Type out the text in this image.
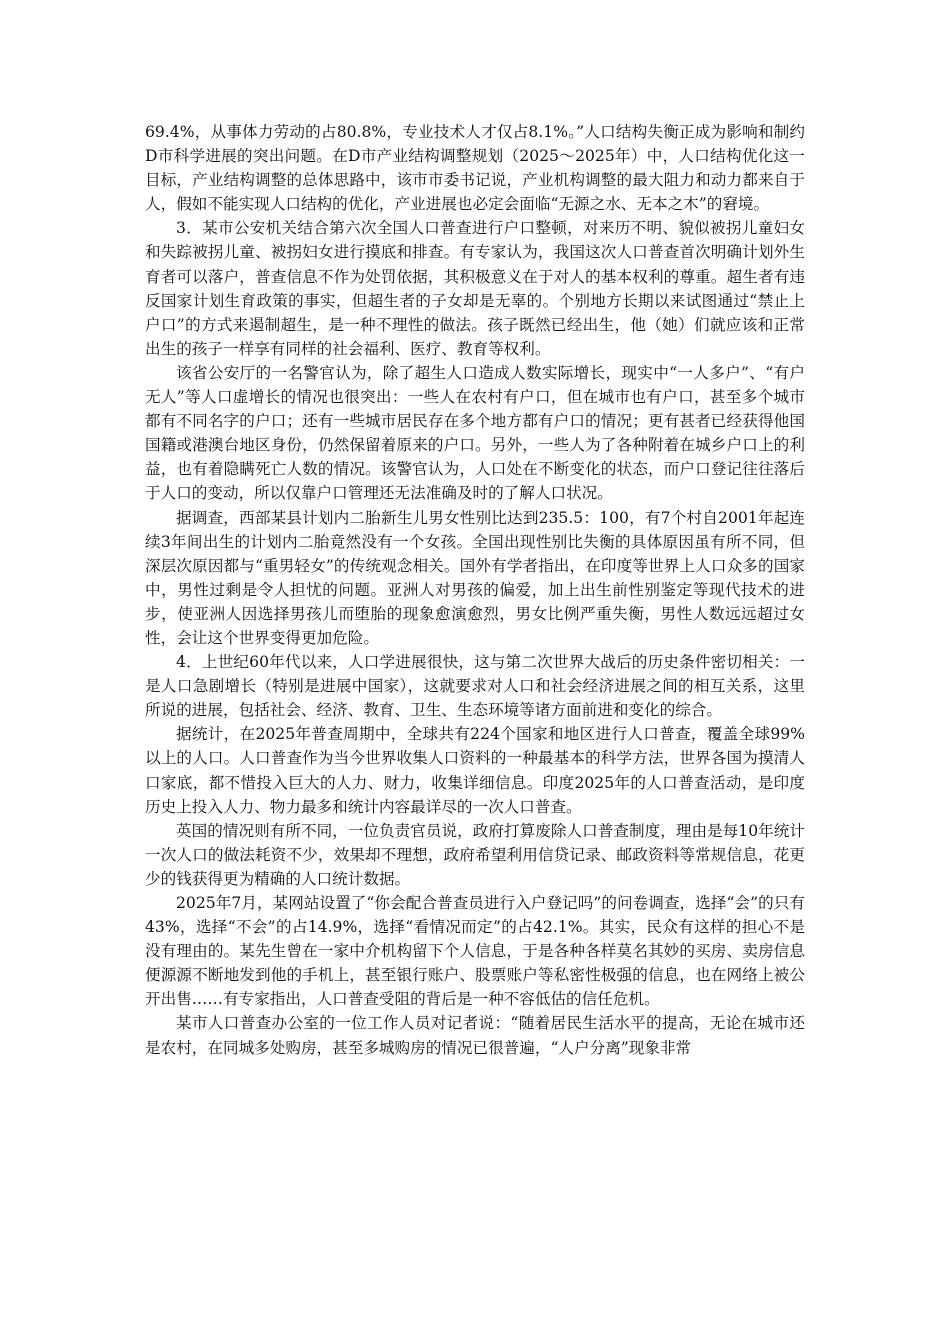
69.4%，从事体力劳动的占80.8%，专业技术人才仅占8.1%。”人口结构失衡正成为影响和制约D市科学进展的突出问题。在D市产业结构调整规划（2025～2025年）中，人口结构优化这一目标，产业结构调整的总体思路中，该市市委书记说，产业机构调整的最大阻力和动力都来自于人，假如不能实现人口结构的优化，产业进展也必定会面临“无源之水、无本之木”的窘境。

3．某市公安机关结合第六次全国人口普查进行户口整顿，对来历不明、貌似被拐儿童妇女和失踪被拐儿童、被拐妇女进行摸底和排查。有专家认为，我国这次人口普查首次明确计划外生育者可以落户，普查信息不作为处罚依据，其积极意义在于对人的基本权利的尊重。超生者有违反国家计划生育政策的事实，但超生者的子女却是无辜的。个别地方长期以来试图通过“禁止上户口”的方式来遏制超生，是一种不理性的做法。孩子既然已经出生，他（她）们就应该和正常出生的孩子一样享有同样的社会福利、医疗、教育等权利。

该省公安厅的一名警官认为，除了超生人口造成人数实际增长，现实中“一人多户”、“有户无人”等人口虚增长的情况也很突出：一些人在农村有户口，但在城市也有户口，甚至多个城市都有不同名字的户口；还有一些城市居民存在多个地方都有户口的情况；更有甚者已经获得他国国籍或港澳台地区身份，仍然保留着原来的户口。另外，一些人为了各种附着在城乡户口上的利益，也有着隐瞒死亡人数的情况。该警官认为，人口处在不断变化的状态，而户口登记往往落后于人口的变动，所以仅靠户口管理还无法准确及时的了解人口状况。

据调查，西部某县计划内二胎新生儿男女性别比达到235.5：100，有7个村自2001年起连续3年间出生的计划内二胎竟然没有一个女孩。全国出现性别比失衡的具体原因虽有所不同，但深层次原因都与“重男轻女”的传统观念相关。国外有学者指出，在印度等世界上人口众多的国家中，男性过剩是令人担忧的问题。亚洲人对男孩的偏爱，加上出生前性别鉴定等现代技术的进步，使亚洲人因选择男孩儿而堕胎的现象愈演愈烈，男女比例严重失衡，男性人数远远超过女性，会让这个世界变得更加危险。

4．上世纪60年代以来，人口学进展很快，这与第二次世界大战后的历史条件密切相关：一是人口急剧增长（特别是进展中国家），这就要求对人口和社会经济进展之间的相互关系，这里所说的进展，包括社会、经济、教育、卫生、生态环境等诸方面前进和变化的综合。

据统计，在2025年普查周期中，全球共有224个国家和地区进行人口普查，覆盖全球99%以上的人口。人口普查作为当今世界收集人口资料的一种最基本的科学方法，世界各国为摸清人口家底，都不惜投入巨大的人力、财力，收集详细信息。印度2025年的人口普查活动，是印度历史上投入人力、物力最多和统计内容最详尽的一次人口普查。

英国的情况则有所不同，一位负责官员说，政府打算废除人口普查制度，理由是每10年统计一次人口的做法耗资不少，效果却不理想，政府希望利用信贷记录、邮政资料等常规信息，花更少的钱获得更为精确的人口统计数据。

2025年7月，某网站设置了“你会配合普查员进行入户登记吗”的问卷调查，选择“会”的只有43%，选择“不会”的占14.9%，选择“看情况而定”的占42.1%。其实，民众有这样的担心不是没有理由的。某先生曾在一家中介机构留下个人信息，于是各种各样莫名其妙的买房、卖房信息便源源不断地发到他的手机上，甚至银行账户、股票账户等私密性极强的信息，也在网络上被公开出售……有专家指出，人口普查受阻的背后是一种不容低估的信任危机。

某市人口普查办公室的一位工作人员对记者说：“随着居民生活水平的提高，无论在城市还是农村，在同城多处购房，甚至多城购房的情况已很普遍，“人户分离”现象非常
